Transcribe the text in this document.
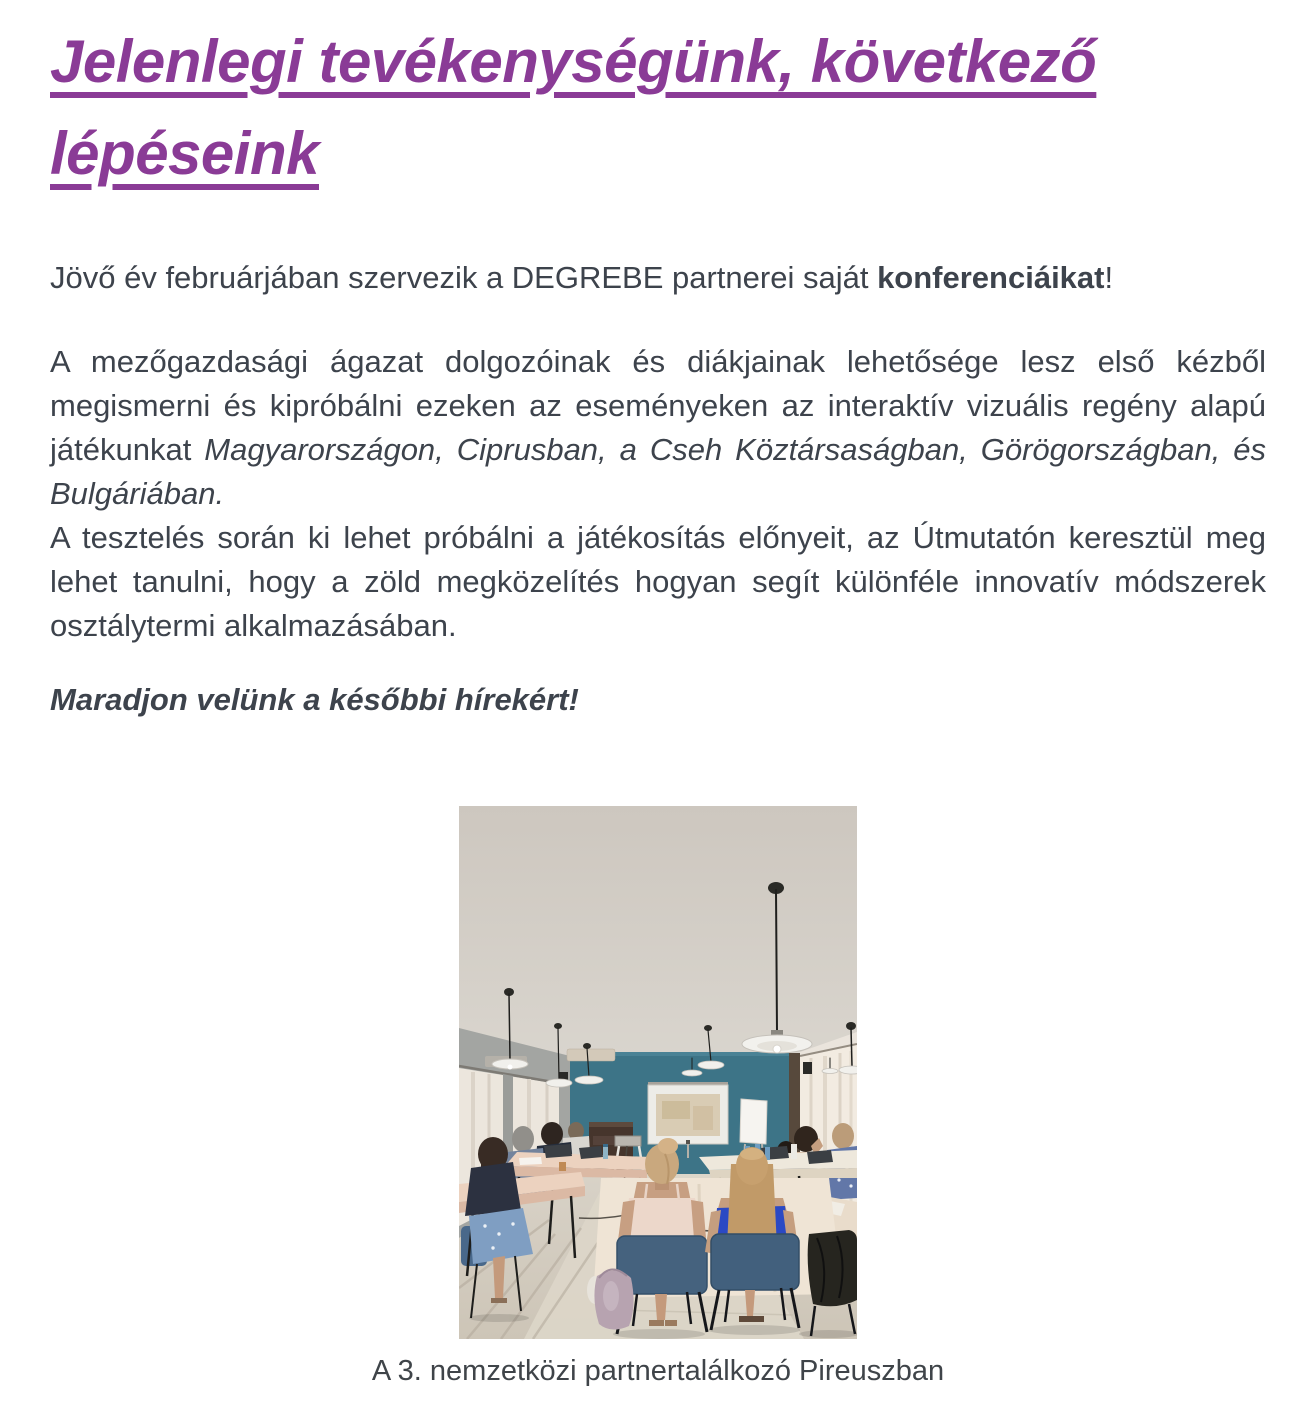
Jelenlegi tevékenységünk, következő lépéseink

Jövő év februárjában szervezik a DEGREBE partnerei saját konferenciáikat!

A mezőgazdasági ágazat dolgozóinak és diákjainak lehetősége lesz első kézből megismerni és kipróbálni ezeken az eseményeken az interaktív vizuális regény alapú játékunkat Magyarországon, Ciprusban, a Cseh Köztársaságban, Görögországban, és Bulgáriában.

A tesztelés során ki lehet próbálni a játékosítás előnyeit, az Útmutatón keresztül meg lehet tanulni, hogy a zöld megközelítés hogyan segít különféle innovatív módszerek osztálytermi alkalmazásában.

Maradjon velünk a későbbi hírekért!

A 3. nemzetközi partnertalálkozó Pireuszban
